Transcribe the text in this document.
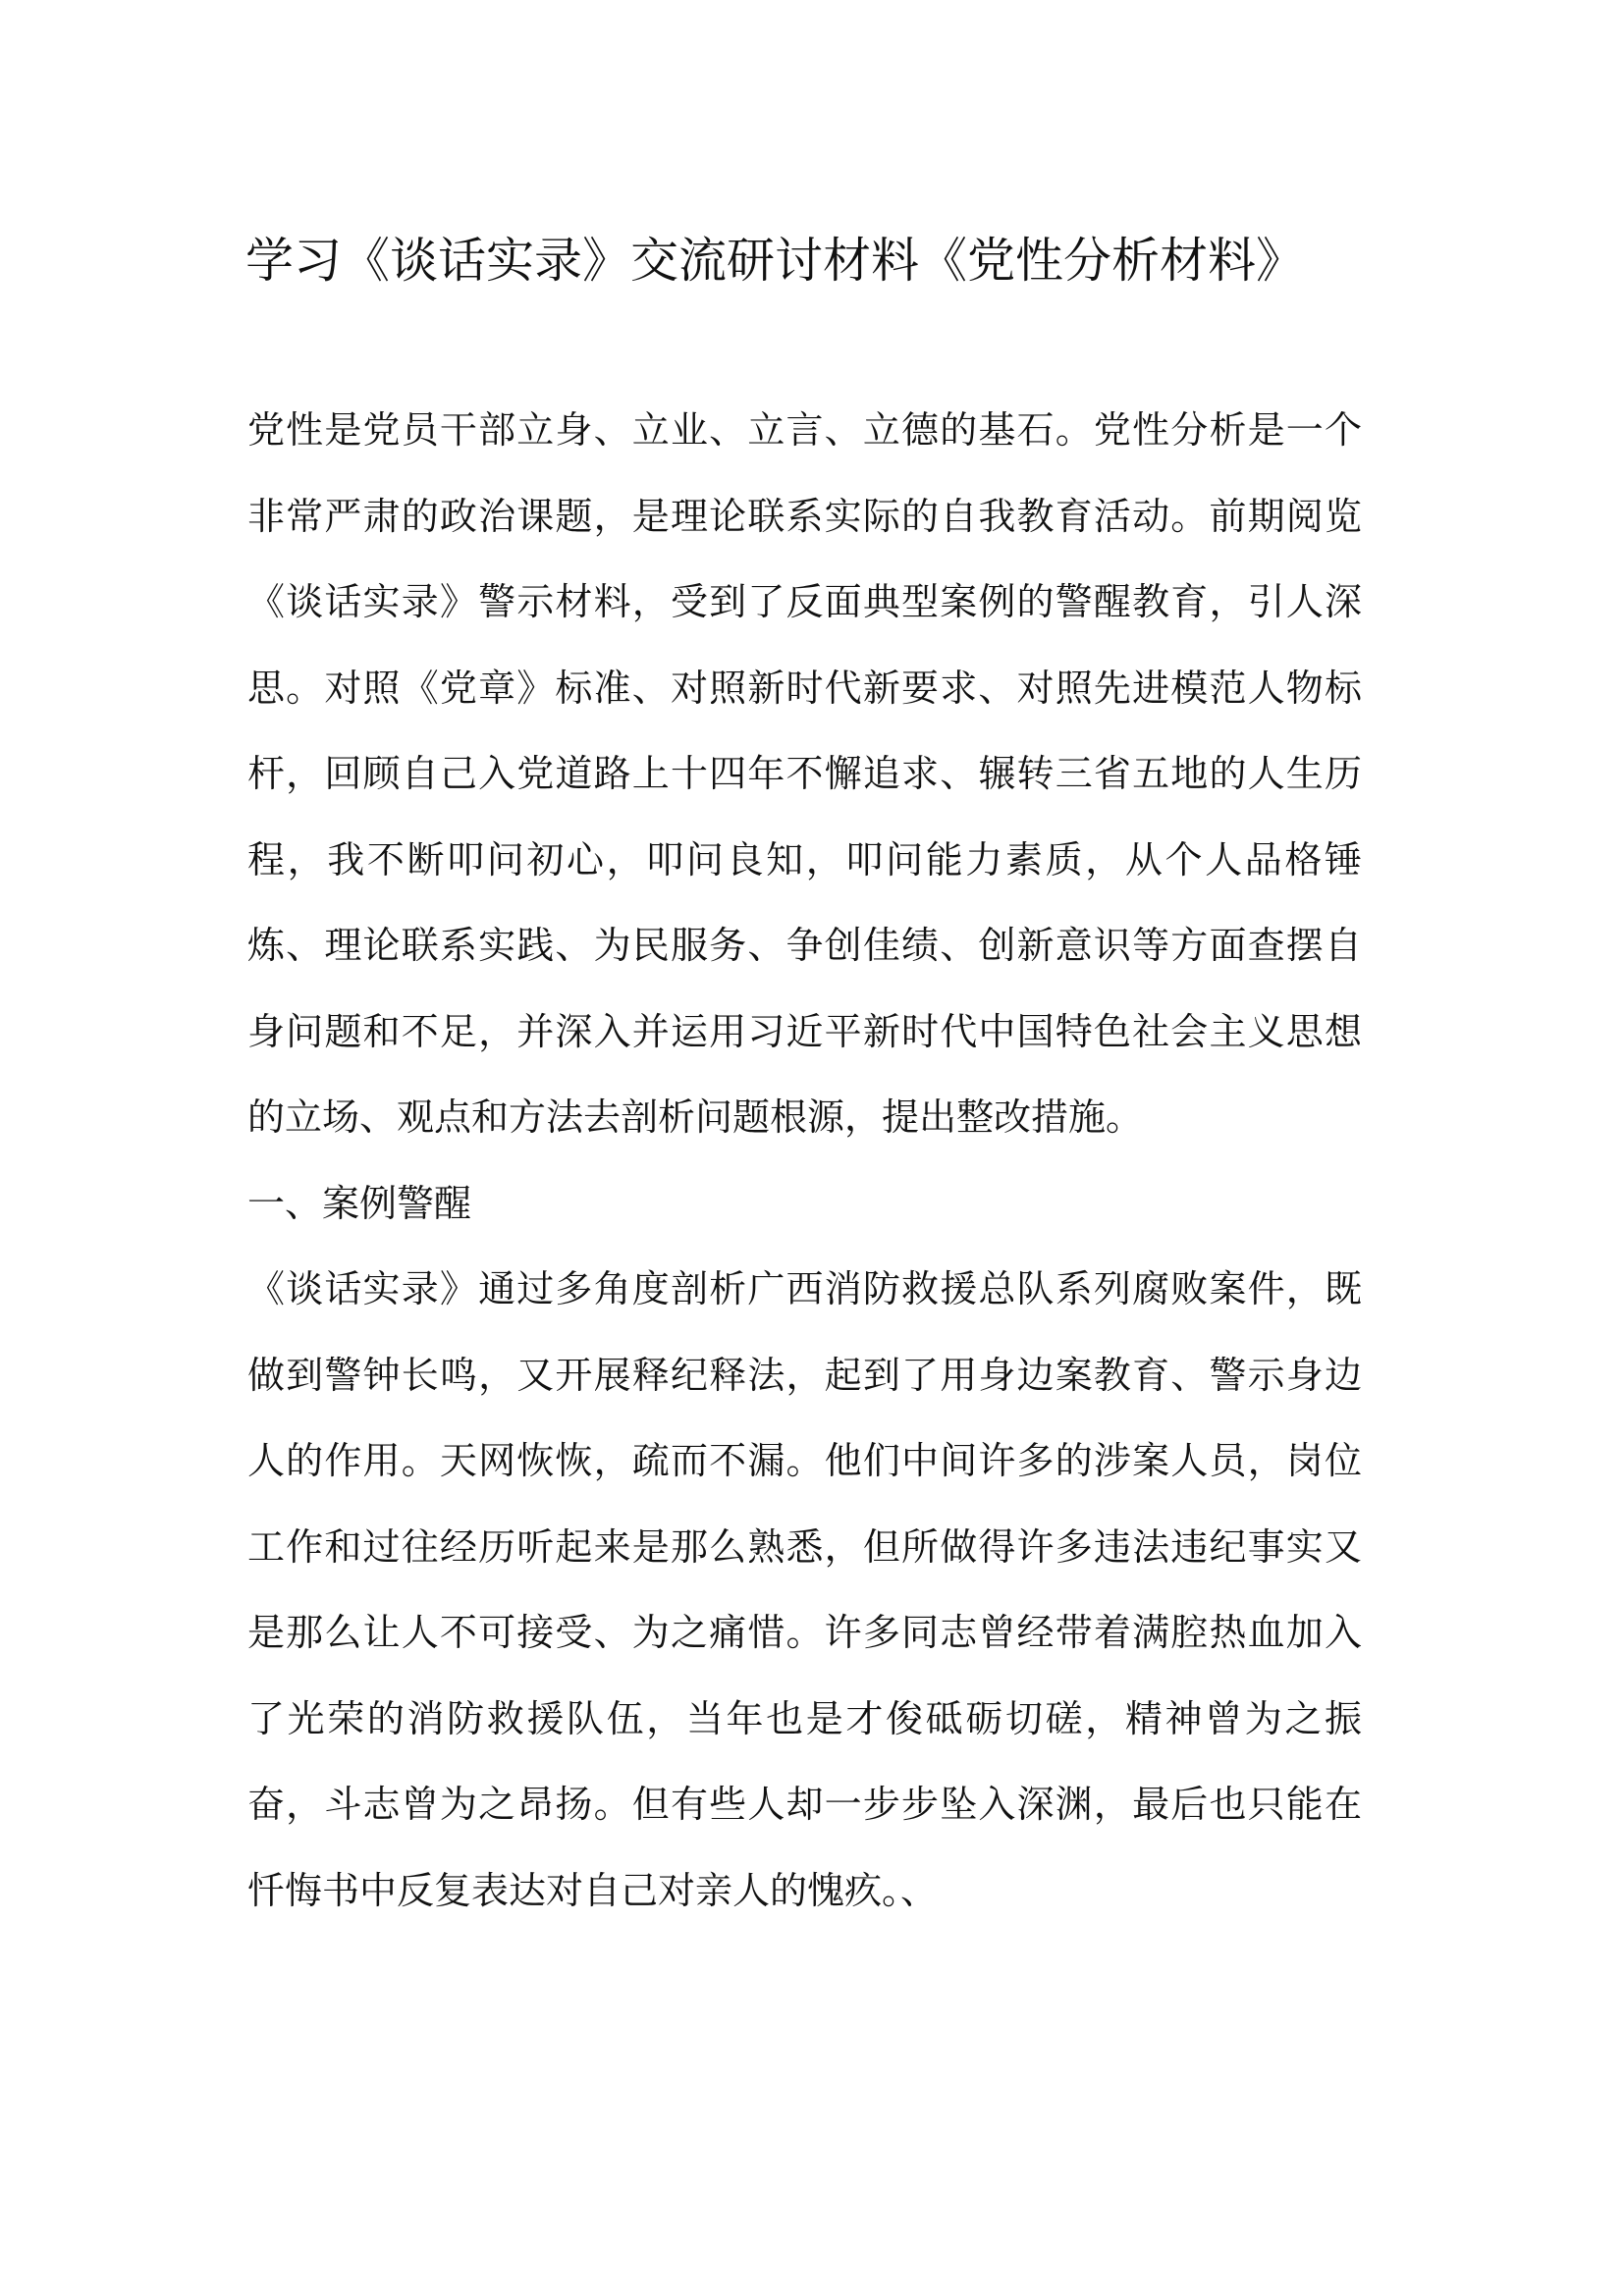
学习《谈话实录》交流研讨材料《党性分析材料》

党性是党员干部立身、立业、立言、立德的基石。党性分析是一个非常严肃的政治课题，是理论联系实际的自我教育活动。前期阅览《谈话实录》警示材料，受到了反面典型案例的警醒教育，引人深思。对照《党章》标准、对照新时代新要求、对照先进模范人物标杆，回顾自己入党道路上十四年不懈追求、辗转三省五地的人生历程，我不断叩问初心，叩问良知，叩问能力素质，从个人品格锤炼、理论联系实践、为民服务、争创佳绩、创新意识等方面查摆自身问题和不足，并深入并运用习近平新时代中国特色社会主义思想的立场、观点和方法去剖析问题根源，提出整改措施。

一、案例警醒

《谈话实录》通过多角度剖析广西消防救援总队系列腐败案件，既做到警钟长鸣，又开展释纪释法，起到了用身边案教育、警示身边人的作用。天网恢恢，疏而不漏。他们中间许多的涉案人员，岗位工作和过往经历听起来是那么熟悉，但所做得许多违法违纪事实又是那么让人不可接受、为之痛惜。许多同志曾经带着满腔热血加入了光荣的消防救援队伍，当年也是才俊砥砺切磋，精神曾为之振奋，斗志曾为之昂扬。但有些人却一步步坠入深渊，最后也只能在忏悔书中反复表达对自己对亲人的愧疚。、
